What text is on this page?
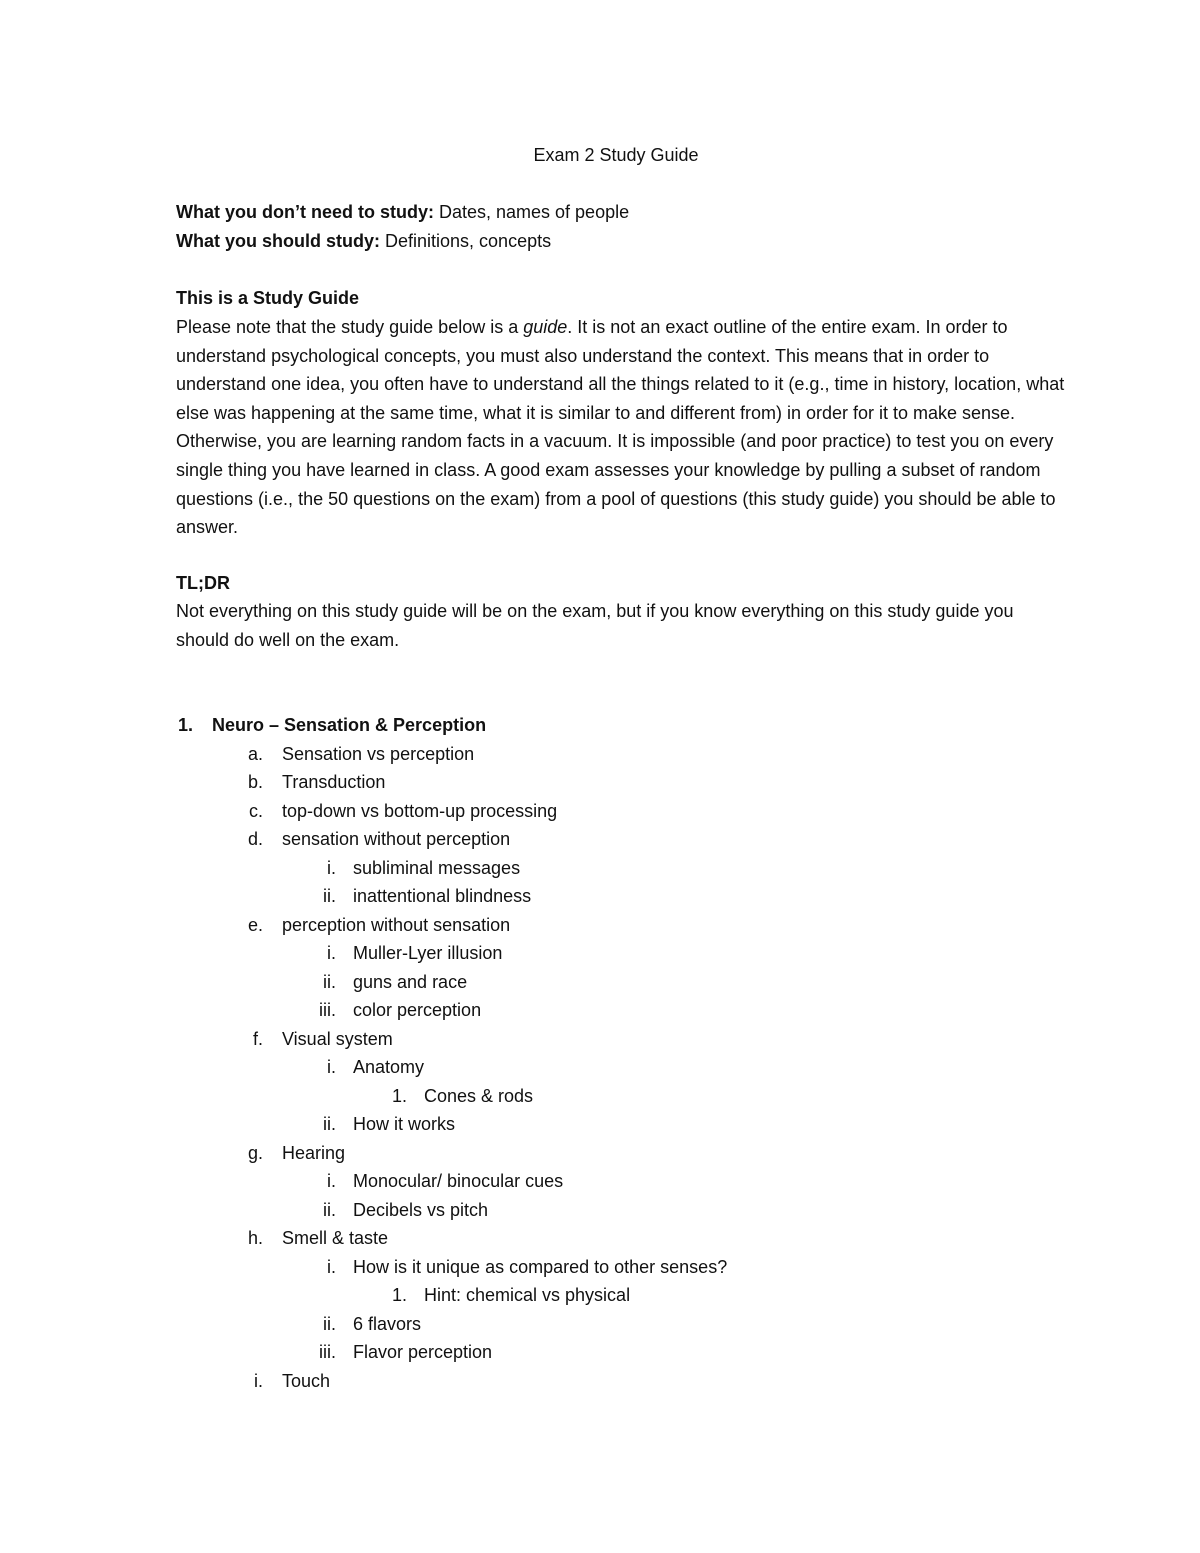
Exam 2 Study Guide
What you don’t need to study: Dates, names of people
What you should study: Definitions, concepts
This is a Study Guide
Please note that the study guide below is a guide. It is not an exact outline of the entire exam. In order to understand psychological concepts, you must also understand the context. This means that in order to understand one idea, you often have to understand all the things related to it (e.g., time in history, location, what else was happening at the same time, what it is similar to and different from) in order for it to make sense. Otherwise, you are learning random facts in a vacuum. It is impossible (and poor practice) to test you on every single thing you have learned in class. A good exam assesses your knowledge by pulling a subset of random questions (i.e., the 50 questions on the exam) from a pool of questions (this study guide) you should be able to answer.
TL;DR
Not everything on this study guide will be on the exam, but if you know everything on this study guide you should do well on the exam.
1. Neuro – Sensation & Perception
a. Sensation vs perception
b. Transduction
c. top-down vs bottom-up processing
d. sensation without perception
i. subliminal messages
ii. inattentional blindness
e. perception without sensation
i. Muller-Lyer illusion
ii. guns and race
iii. color perception
f. Visual system
i. Anatomy
1. Cones & rods
ii. How it works
g. Hearing
i. Monocular/ binocular cues
ii. Decibels vs pitch
h. Smell & taste
i. How is it unique as compared to other senses?
1. Hint: chemical vs physical
ii. 6 flavors
iii. Flavor perception
i. Touch
